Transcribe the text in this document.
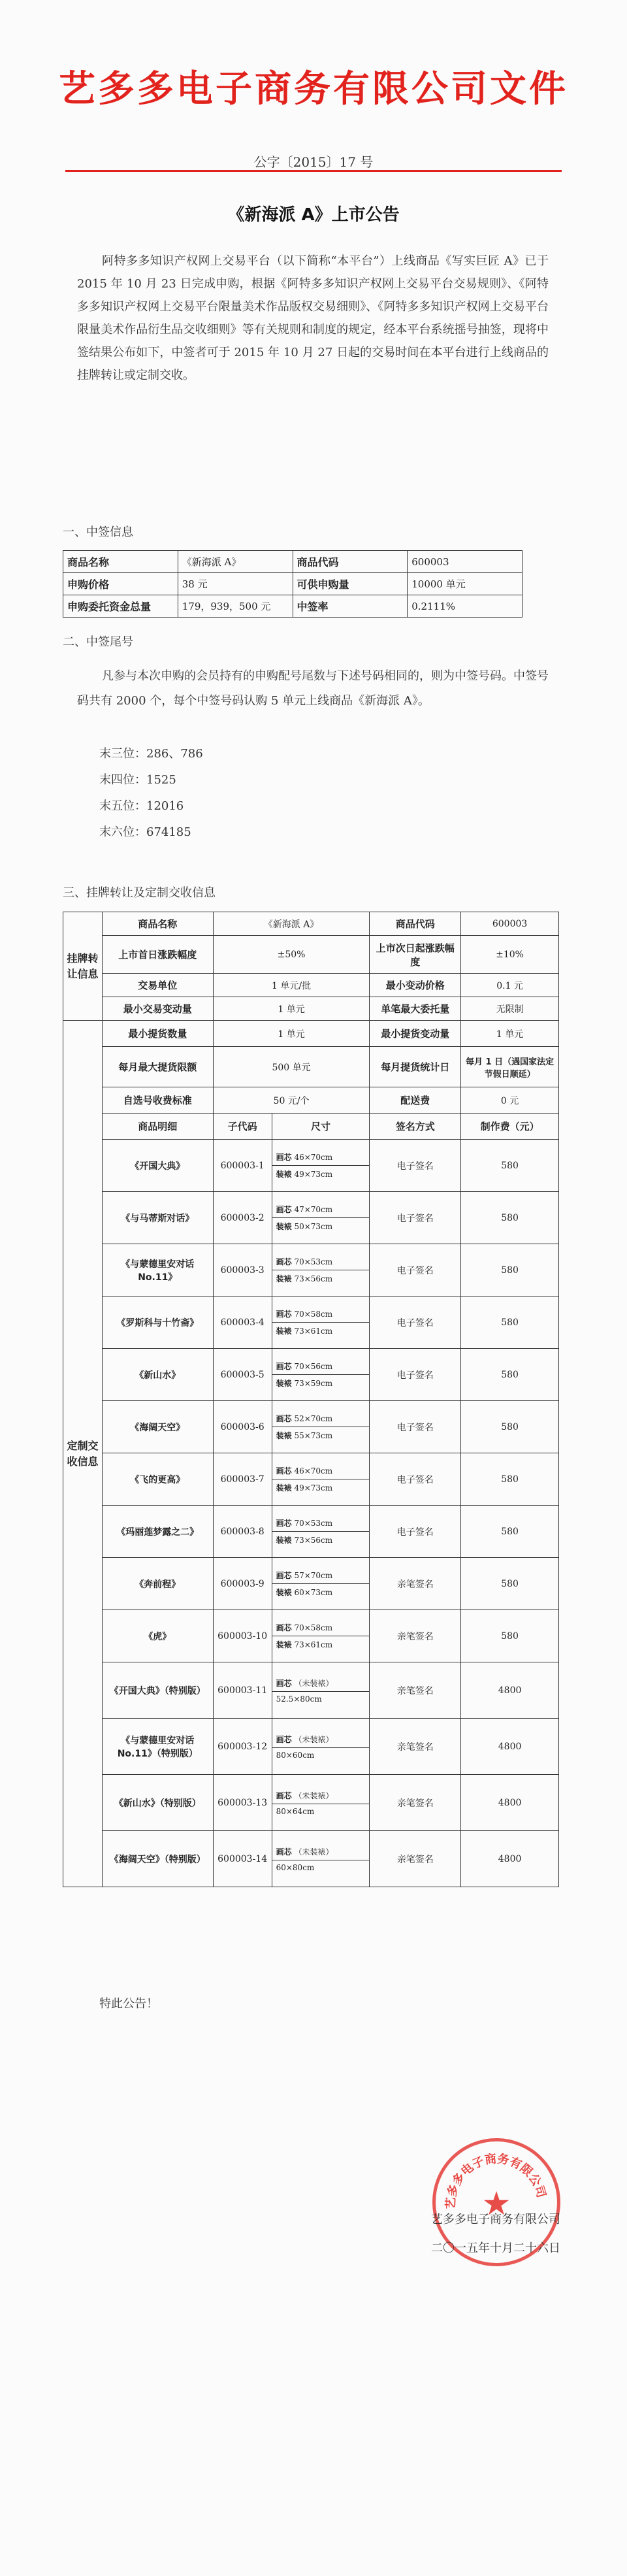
艺多多电子商务有限公司文件
公字〔2015〕17 号
《新海派 A》上市公告
阿特多多知识产权网上交易平台（以下简称“本平台”）上线商品《写实巨匠 A》已于 2015 年 10 月 23 日完成申购，根据《阿特多多知识产权网上交易平台交易规则》、《阿特多多知识产权网上交易平台限量美术作品版权交易细则》、《阿特多多知识产权网上交易平台限量美术作品衍生品交收细则》等有关规则和制度的规定，经本平台系统摇号抽签，现将中签结果公布如下，中签者可于 2015 年 10 月 27 日起的交易时间在本平台进行上线商品的挂牌转让或定制交收。
一、中签信息
商品名称	《新海派 A》	商品代码	600003
申购价格	38 元	可供申购量	10000 单元
申购委托资金总量	179，939，500 元	中签率	0.2111%
二、中签尾号
凡参与本次申购的会员持有的申购配号尾数与下述号码相同的，则为中签号码。中签号码共有 2000 个，每个中签号码认购 5 单元上线商品《新海派 A》。
末三位：286、786
末四位：1525
末五位：12016
末六位：674185
三、挂牌转让及定制交收信息
挂牌转让信息	商品名称	《新海派 A》		商品代码	600003
	上市首日涨跌幅度	±50%		上市次日起涨跌幅度	±10%
	交易单位	1 单元/批		最小变动价格	0.1 元
	最小交易变动量	1 单元		单笔最大委托量	无限制
定制交收信息	最小提货数量	1 单元		最小提货变动量	1 单元
	每月最大提货限额	500 单元		每月提货统计日	每月 1 日（遇国家法定节假日顺延）
	自选号收费标准	50 元/个		配送费	0 元
	商品明细	子代码	尺寸	签名方式	制作费（元）
	《开国大典》	600003-1	画芯 46×70cm
装裱 49×73cm	电子签名	580
	《与马蒂斯对话》	600003-2	画芯 47×70cm
装裱 50×73cm	电子签名	580
	《与蒙德里安对话 No.11》	600003-3	画芯 70×53cm
装裱 73×56cm	电子签名	580
	《罗斯科与十竹斋》	600003-4	画芯 70×58cm
装裱 73×61cm	电子签名	580
	《新山水》	600003-5	画芯 70×56cm
装裱 73×59cm	电子签名	580
	《海阔天空》	600003-6	画芯 52×70cm
装裱 55×73cm	电子签名	580
	《飞的更高》	600003-7	画芯 46×70cm
装裱 49×73cm	电子签名	580
	《玛丽莲梦露之二》	600003-8	画芯 70×53cm
装裱 73×56cm	电子签名	580
	《奔前程》	600003-9	画芯 57×70cm
装裱 60×73cm	亲笔签名	580
	《虎》	600003-10	画芯 70×58cm
装裱 73×61cm	亲笔签名	580
	《开国大典》（特别版）	600003-11	画芯 （未装裱）
52.5×80cm	亲笔签名	4800
	《与蒙德里安对话 No.11》（特别版）	600003-12	画芯 （未装裱）
80×60cm	亲笔签名	4800
	《新山水》（特别版）	600003-13	画芯 （未装裱）
80×64cm	亲笔签名	4800
	《海阔天空》（特别版）	600003-14	画芯 （未装裱）
60×80cm	亲笔签名	4800
特此公告！
艺多多电子商务有限公司
★
艺多多电子商务有限公司
二〇一五年十月二十六日
